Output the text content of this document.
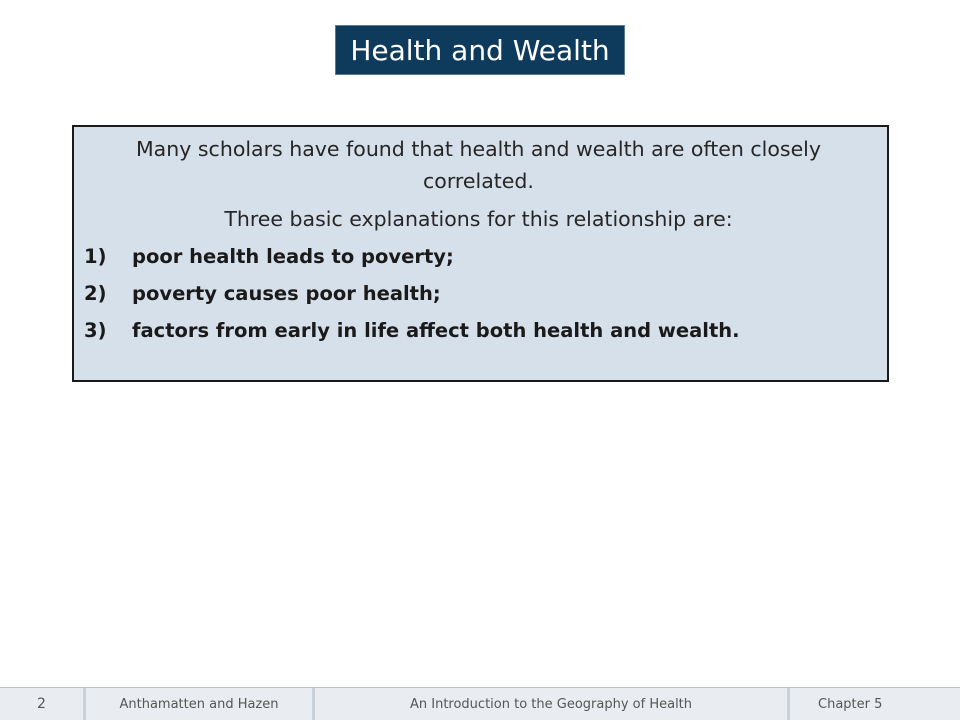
Health and Wealth

Many scholars have found that health and wealth are often closely correlated.

Three basic explanations for this relationship are:

1)	poor health leads to poverty;
2)	poverty causes poor health;
3)	factors from early in life affect both health and wealth.
2	Anthamatten and Hazen	An Introduction to the Geography of Health	Chapter 5
